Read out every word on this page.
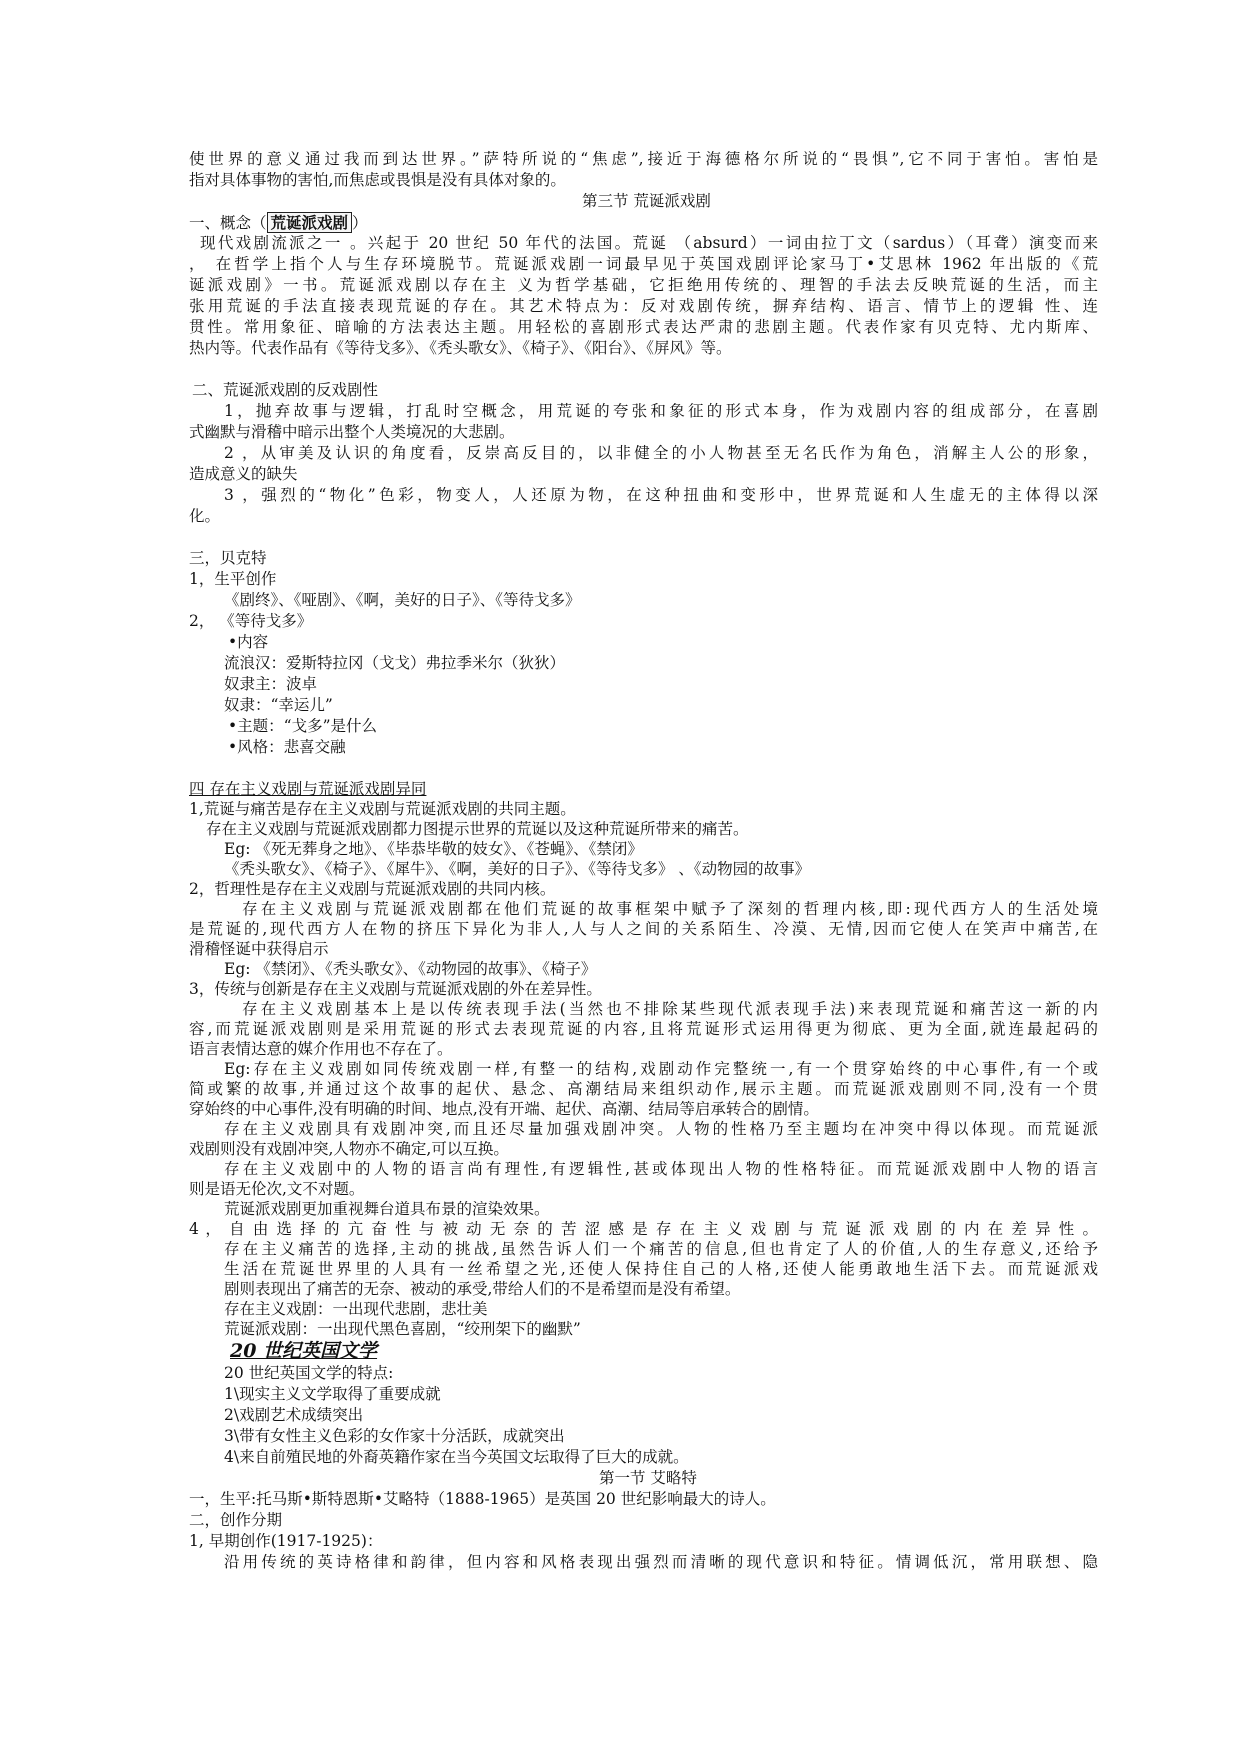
使世界的意义通过我而到达世界。”萨特所说的“焦虑”,接近于海德格尔所说的“畏惧”,它不同于害怕。害怕是
指对具体事物的害怕,而焦虑或畏惧是没有具体对象的。
第三节 荒诞派戏剧
一、概念（ 荒诞派戏剧 ）
现代戏剧流派之一 。兴起于 20 世纪 50 年代的法国。荒诞 （absurd）一词由拉丁文（sardus）（耳聋）演变而来
， 在哲学上指个人与生存环境脱节。荒诞派戏剧一词最早见于英国戏剧评论家马丁•艾思林 1962 年出版的《荒
诞派戏剧》一书。荒诞派戏剧以存在主 义为哲学基础，它拒绝用传统的、理智的手法去反映荒诞的生活，而主
张用荒诞的手法直接表现荒诞的存在。其艺术特点为：反对戏剧传统，摒弃结构、语言、情节上的逻辑 性、连
贯性。常用象征、暗喻的方法表达主题。用轻松的喜剧形式表达严肃的悲剧主题。代表作家有贝克特、尤内斯库、
热内等。代表作品有《等待戈多》、《秃头歌女》、《椅子》、《阳台》、《屏风》等。
二、荒诞派戏剧的反戏剧性
1，抛弃故事与逻辑，打乱时空概念，用荒诞的夸张和象征的形式本身，作为戏剧内容的组成部分，在喜剧
式幽默与滑稽中暗示出整个人类境况的大悲剧。
2 ，从审美及认识的角度看，反崇高反目的，以非健全的小人物甚至无名氏作为角色，消解主人公的形象，
造成意义的缺失
3 ，强烈的“物化”色彩，物变人，人还原为物，在这种扭曲和变形中，世界荒诞和人生虚无的主体得以深
化。
三，贝克特
1，生平创作
《剧终》、《哑剧》、《啊，美好的日子》、《等待戈多》
2， 《等待戈多》
•内容
流浪汉：爱斯特拉冈（戈戈）弗拉季米尔（狄狄）
奴隶主：波卓
奴隶：“幸运儿”
•主题：“戈多”是什么
•风格：悲喜交融
四 存在主义戏剧与荒诞派戏剧异同
1,荒诞与痛苦是存在主义戏剧与荒诞派戏剧的共同主题。
存在主义戏剧与荒诞派戏剧都力图提示世界的荒诞以及这种荒诞所带来的痛苦。
Eg: 《死无葬身之地》、《毕恭毕敬的妓女》、《苍蝇》、《禁闭》
《秃头歌女》、《椅子》、《犀牛》、《啊，美好的日子》、《等待戈多》 、《动物园的故事》
2，哲理性是存在主义戏剧与荒诞派戏剧的共同内核。
存在主义戏剧与荒诞派戏剧都在他们荒诞的故事框架中赋予了深刻的哲理内核,即:现代西方人的生活处境
是荒诞的,现代西方人在物的挤压下异化为非人,人与人之间的关系陌生、冷漠、无情,因而它使人在笑声中痛苦,在
滑稽怪诞中获得启示
Eg: 《禁闭》、《秃头歌女》、《动物园的故事》、《椅子》
3，传统与创新是存在主义戏剧与荒诞派戏剧的外在差异性。
存在主义戏剧基本上是以传统表现手法(当然也不排除某些现代派表现手法)来表现荒诞和痛苦这一新的内
容,而荒诞派戏剧则是采用荒诞的形式去表现荒诞的内容,且将荒诞形式运用得更为彻底、更为全面,就连最起码的
语言表情达意的媒介作用也不存在了。
Eg:存在主义戏剧如同传统戏剧一样,有整一的结构,戏剧动作完整统一,有一个贯穿始终的中心事件,有一个或
简或繁的故事,并通过这个故事的起伏、悬念、高潮结局来组织动作,展示主题。而荒诞派戏剧则不同,没有一个贯
穿始终的中心事件,没有明确的时间、地点,没有开端、起伏、高潮、结局等启承转合的剧情。
存在主义戏剧具有戏剧冲突,而且还尽量加强戏剧冲突。人物的性格乃至主题均在冲突中得以体现。而荒诞派
戏剧则没有戏剧冲突,人物亦不确定,可以互换。
存在主义戏剧中的人物的语言尚有理性,有逻辑性,甚或体现出人物的性格特征。而荒诞派戏剧中人物的语言
则是语无伦次,文不对题。
荒诞派戏剧更加重视舞台道具布景的渲染效果。
4 ， 自 由 选 择 的 亢 奋 性 与 被 动 无 奈 的 苦 涩 感 是 存 在 主 义 戏 剧 与 荒 诞 派 戏 剧 的 内 在 差 异 性 。
存在主义痛苦的选择,主动的挑战,虽然告诉人们一个痛苦的信息,但也肯定了人的价值,人的生存意义,还给予
生活在荒诞世界里的人具有一丝希望之光,还使人保持住自己的人格,还使人能勇敢地生活下去。而荒诞派戏
剧则表现出了痛苦的无奈、被动的承受,带给人们的不是希望而是没有希望。
存在主义戏剧：一出现代悲剧，悲壮美
荒诞派戏剧：一出现代黑色喜剧，“绞刑架下的幽默”
20 世纪英国文学
20 世纪英国文学的特点:
1\现实主义文学取得了重要成就
2\戏剧艺术成绩突出
3\带有女性主义色彩的女作家十分活跃，成就突出
4\来自前殖民地的外裔英籍作家在当今英国文坛取得了巨大的成就。
第一节 艾略特
一，生平:托马斯•斯特恩斯•艾略特（1888-1965）是英国 20 世纪影响最大的诗人。
二，创作分期
1, 早期创作(1917-1925)：
沿用传统的英诗格律和韵律，但内容和风格表现出强烈而清晰的现代意识和特征。情调低沉，常用联想、隐
